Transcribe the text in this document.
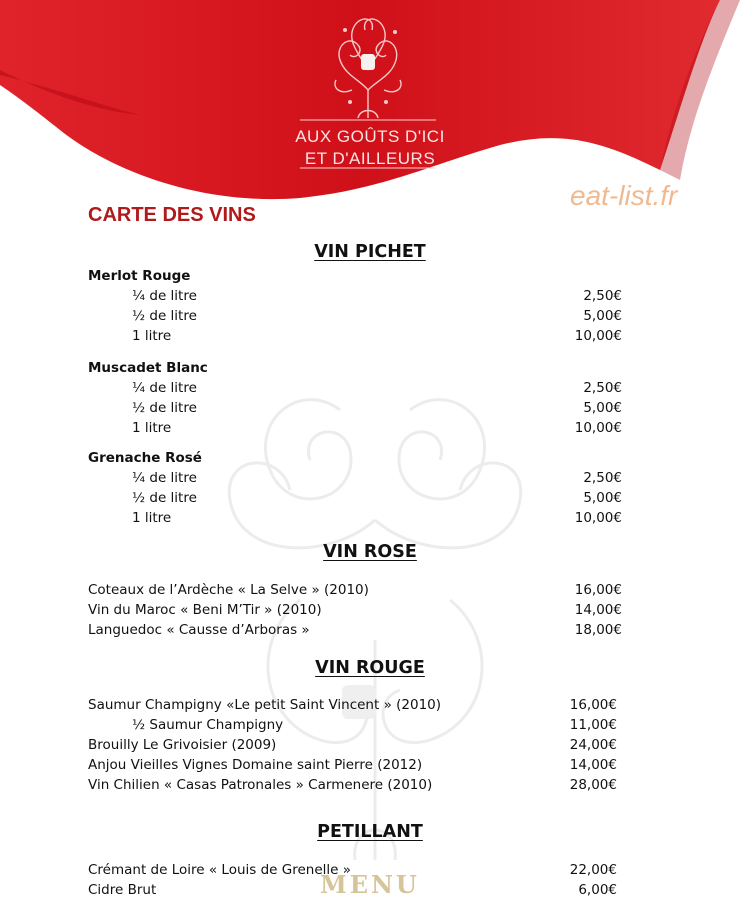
AUX GOÛTS D'ICI
ET D'AILLEURS
eat-list.fr
CARTE DES VINS
VIN PICHET
Merlot Rouge
¼ de litre	2,50€
½ de litre	5,00€
1 litre	10,00€
Muscadet Blanc
¼ de litre	2,50€
½ de litre	5,00€
1 litre	10,00€
Grenache Rosé
¼ de litre	2,50€
½ de litre	5,00€
1 litre	10,00€
VIN ROSE
Coteaux de l’Ardèche « La Selve » (2010)	16,00€
Vin du Maroc « Beni M’Tir » (2010)	14,00€
Languedoc « Causse d’Arboras »	18,00€
VIN ROUGE
Saumur Champigny «Le petit Saint Vincent » (2010)	16,00€
½ Saumur Champigny	11,00€
Brouilly Le Grivoisier (2009)	24,00€
Anjou Vieilles Vignes Domaine saint Pierre (2012)	14,00€
Vin Chilien « Casas Patronales » Carmenere (2010)	28,00€
PETILLANT
Crémant de Loire « Louis de Grenelle »	22,00€
Cidre Brut	6,00€
MENU
